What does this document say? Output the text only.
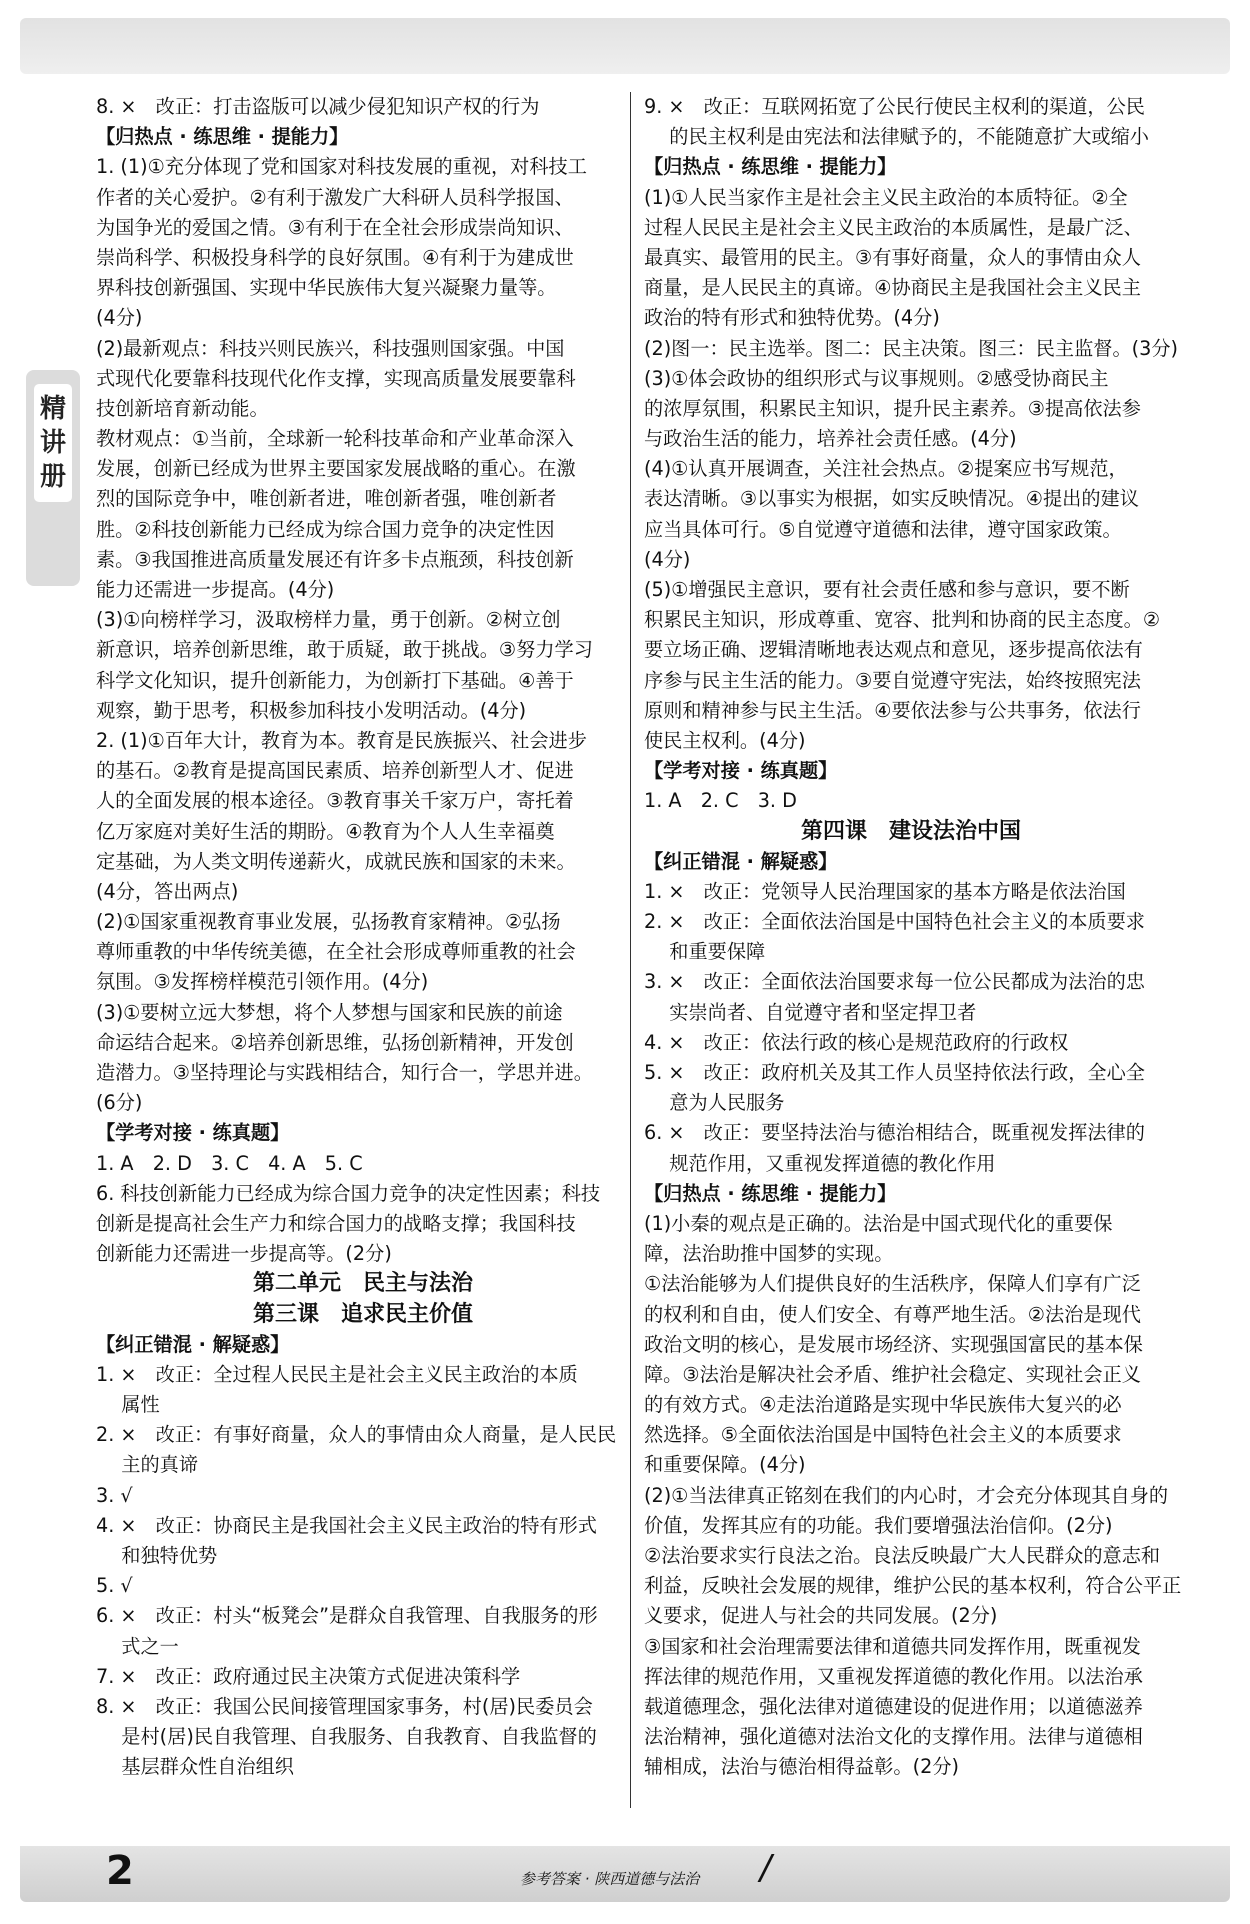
精
讲
册
8. ×　改正：打击盗版可以减少侵犯知识产权的行为
【归热点 · 练思维 · 提能力】
1. (1)①充分体现了党和国家对科技发展的重视，对科技工
作者的关心爱护。②有利于激发广大科研人员科学报国、
为国争光的爱国之情。③有利于在全社会形成崇尚知识、
崇尚科学、积极投身科学的良好氛围。④有利于为建成世
界科技创新强国、实现中华民族伟大复兴凝聚力量等。
(4分)
(2)最新观点：科技兴则民族兴，科技强则国家强。中国
式现代化要靠科技现代化作支撑，实现高质量发展要靠科
技创新培育新动能。
教材观点：①当前，全球新一轮科技革命和产业革命深入
发展，创新已经成为世界主要国家发展战略的重心。在激
烈的国际竞争中，唯创新者进，唯创新者强，唯创新者
胜。②科技创新能力已经成为综合国力竞争的决定性因
素。③我国推进高质量发展还有许多卡点瓶颈，科技创新
能力还需进一步提高。(4分)
(3)①向榜样学习，汲取榜样力量，勇于创新。②树立创
新意识，培养创新思维，敢于质疑，敢于挑战。③努力学习
科学文化知识，提升创新能力，为创新打下基础。④善于
观察，勤于思考，积极参加科技小发明活动。(4分)
2. (1)①百年大计，教育为本。教育是民族振兴、社会进步
的基石。②教育是提高国民素质、培养创新型人才、促进
人的全面发展的根本途径。③教育事关千家万户，寄托着
亿万家庭对美好生活的期盼。④教育为个人人生幸福奠
定基础，为人类文明传递薪火，成就民族和国家的未来。
(4分，答出两点)
(2)①国家重视教育事业发展，弘扬教育家精神。②弘扬
尊师重教的中华传统美德，在全社会形成尊师重教的社会
氛围。③发挥榜样模范引领作用。(4分)
(3)①要树立远大梦想，将个人梦想与国家和民族的前途
命运结合起来。②培养创新思维，弘扬创新精神，开发创
造潜力。③坚持理论与实践相结合，知行合一，学思并进。
(6分)
【学考对接 · 练真题】
1. A　2. D　3. C　4. A　5. C
6. 科技创新能力已经成为综合国力竞争的决定性因素；科技
创新是提高社会生产力和综合国力的战略支撑；我国科技
创新能力还需进一步提高等。(2分)
第二单元　民主与法治
第三课　追求民主价值
【纠正错混 · 解疑惑】
1. ×　改正：全过程人民民主是社会主义民主政治的本质
　 属性
2. ×　改正：有事好商量，众人的事情由众人商量，是人民民
　 主的真谛
3. √
4. ×　改正：协商民主是我国社会主义民主政治的特有形式
　 和独特优势
5. √
6. ×　改正：村头“板凳会”是群众自我管理、自我服务的形
　 式之一
7. ×　改正：政府通过民主决策方式促进决策科学
8. ×　改正：我国公民间接管理国家事务，村(居)民委员会
　 是村(居)民自我管理、自我服务、自我教育、自我监督的
　 基层群众性自治组织
9. ×　改正：互联网拓宽了公民行使民主权利的渠道，公民
　 的民主权利是由宪法和法律赋予的，不能随意扩大或缩小
【归热点 · 练思维 · 提能力】
(1)①人民当家作主是社会主义民主政治的本质特征。②全
过程人民民主是社会主义民主政治的本质属性，是最广泛、
最真实、最管用的民主。③有事好商量，众人的事情由众人
商量，是人民民主的真谛。④协商民主是我国社会主义民主
政治的特有形式和独特优势。(4分)
(2)图一：民主选举。图二：民主决策。图三：民主监督。(3分)
(3)①体会政协的组织形式与议事规则。②感受协商民主
的浓厚氛围，积累民主知识，提升民主素养。③提高依法参
与政治生活的能力，培养社会责任感。(4分)
(4)①认真开展调查，关注社会热点。②提案应书写规范，
表达清晰。③以事实为根据，如实反映情况。④提出的建议
应当具体可行。⑤自觉遵守道德和法律，遵守国家政策。
(4分)
(5)①增强民主意识，要有社会责任感和参与意识，要不断
积累民主知识，形成尊重、宽容、批判和协商的民主态度。②
要立场正确、逻辑清晰地表达观点和意见，逐步提高依法有
序参与民主生活的能力。③要自觉遵守宪法，始终按照宪法
原则和精神参与民主生活。④要依法参与公共事务，依法行
使民主权利。(4分)
【学考对接 · 练真题】
1. A　2. C　3. D
第四课　建设法治中国
【纠正错混 · 解疑惑】
1. ×　改正：党领导人民治理国家的基本方略是依法治国
2. ×　改正：全面依法治国是中国特色社会主义的本质要求
　 和重要保障
3. ×　改正：全面依法治国要求每一位公民都成为法治的忠
　 实崇尚者、自觉遵守者和坚定捍卫者
4. ×　改正：依法行政的核心是规范政府的行政权
5. ×　改正：政府机关及其工作人员坚持依法行政，全心全
　 意为人民服务
6. ×　改正：要坚持法治与德治相结合，既重视发挥法律的
　 规范作用，又重视发挥道德的教化作用
【归热点 · 练思维 · 提能力】
(1)小秦的观点是正确的。法治是中国式现代化的重要保
障，法治助推中国梦的实现。
①法治能够为人们提供良好的生活秩序，保障人们享有广泛
的权利和自由，使人们安全、有尊严地生活。②法治是现代
政治文明的核心，是发展市场经济、实现强国富民的基本保
障。③法治是解决社会矛盾、维护社会稳定、实现社会正义
的有效方式。④走法治道路是实现中华民族伟大复兴的必
然选择。⑤全面依法治国是中国特色社会主义的本质要求
和重要保障。(4分)
(2)①当法律真正铭刻在我们的内心时，才会充分体现其自身的
价值，发挥其应有的功能。我们要增强法治信仰。(2分)
②法治要求实行良法之治。良法反映最广大人民群众的意志和
利益，反映社会发展的规律，维护公民的基本权利，符合公平正
义要求，促进人与社会的共同发展。(2分)
③国家和社会治理需要法律和道德共同发挥作用，既重视发
挥法律的规范作用，又重视发挥道德的教化作用。以法治承
载道德理念，强化法律对道德建设的促进作用；以道德滋养
法治精神，强化道德对法治文化的支撑作用。法律与道德相
辅相成，法治与德治相得益彰。(2分)
2	参考答案 · 陕西道德与法治 /
